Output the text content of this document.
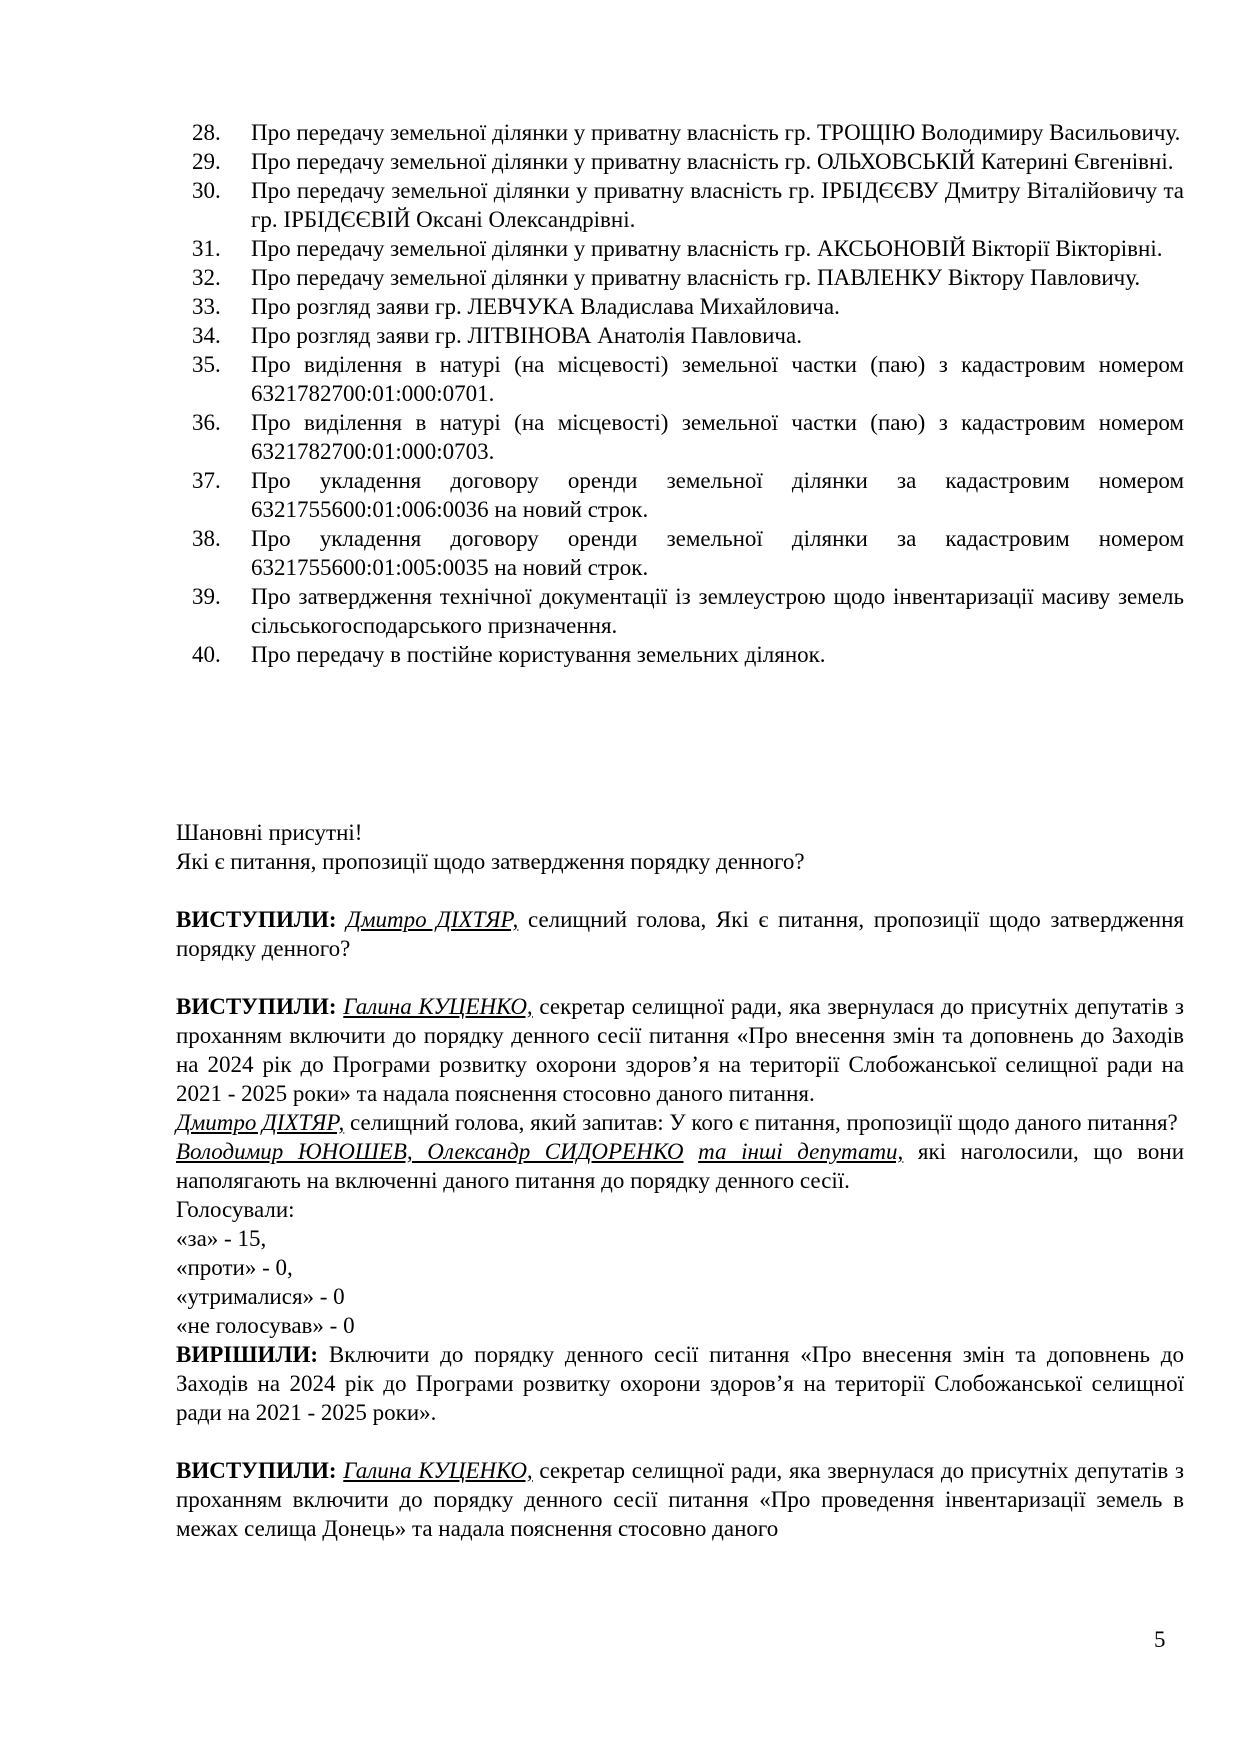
28.	Про передачу земельної ділянки у приватну власність гр. ТРОЩІЮ Володимиру Васильовичу.
29.	Про передачу земельної ділянки у приватну власність гр. ОЛЬХОВСЬКІЙ Катерині Євгенівні.
30.	Про передачу земельної ділянки у приватну власність гр. ІРБІДЄЄВУ Дмитру Віталійовичу та гр. ІРБІДЄЄВІЙ Оксані Олександрівні.
31.	Про передачу земельної ділянки у приватну власність гр. АКСЬОНОВІЙ Вікторії Вікторівні.
32.	Про передачу земельної ділянки у приватну власність гр. ПАВЛЕНКУ Віктору Павловичу.
33.	Про розгляд заяви гр. ЛЕВЧУКА Владислава Михайловича.
34.	Про розгляд заяви гр. ЛІТВІНОВА Анатолія Павловича.
35.	Про виділення в натурі (на місцевості) земельної частки (паю) з кадастровим номером 6321782700:01:000:0701.
36.	Про виділення в натурі (на місцевості) земельної частки (паю) з кадастровим номером 6321782700:01:000:0703.
37.	Про укладення договору оренди земельної ділянки за кадастровим номером 6321755600:01:006:0036 на новий строк.
38.	Про укладення договору оренди земельної ділянки за кадастровим номером 6321755600:01:005:0035 на новий строк.
39.	Про затвердження технічної документації із землеустрою щодо інвентаризації масиву земель сільськогосподарського призначення.
40.	Про передачу в постійне користування земельних ділянок.

Шановні присутні!

Які є питання, пропозиції щодо затвердження порядку денного?

ВИСТУПИЛИ: Дмитро ДІХТЯР, селищний голова, Які є питання, пропозиції щодо затвердження порядку денного?

ВИСТУПИЛИ: Галина КУЦЕНКО, секретар селищної ради, яка звернулася до присутніх депутатів з проханням включити до порядку денного сесії питання «Про внесення змін та доповнень до Заходів на 2024 рік до Програми розвитку охорони здоров’я на території Слобожанської селищної ради на 2021 - 2025 роки» та надала пояснення стосовно даного питання.

Дмитро ДІХТЯР, селищний голова, який запитав: У кого є питання, пропозиції щодо даного питання?

Володимир ЮНОШЕВ, Олександр СИДОРЕНКО та інші депутати, які наголосили, що вони наполягають на включенні даного питання до порядку денного сесії.

Голосували:

«за» - 15,

«проти» - 0,

«утрималися» - 0

«не голосував» - 0

ВИРІШИЛИ: Включити до порядку денного сесії питання «Про внесення змін та доповнень до Заходів на 2024 рік до Програми розвитку охорони здоров’я на території Слобожанської селищної ради на 2021 - 2025 роки».

ВИСТУПИЛИ: Галина КУЦЕНКО, секретар селищної ради, яка звернулася до присутніх депутатів з проханням включити до порядку денного сесії питання «Про проведення інвентаризації земель в межах селища Донець» та надала пояснення стосовно даного

5
